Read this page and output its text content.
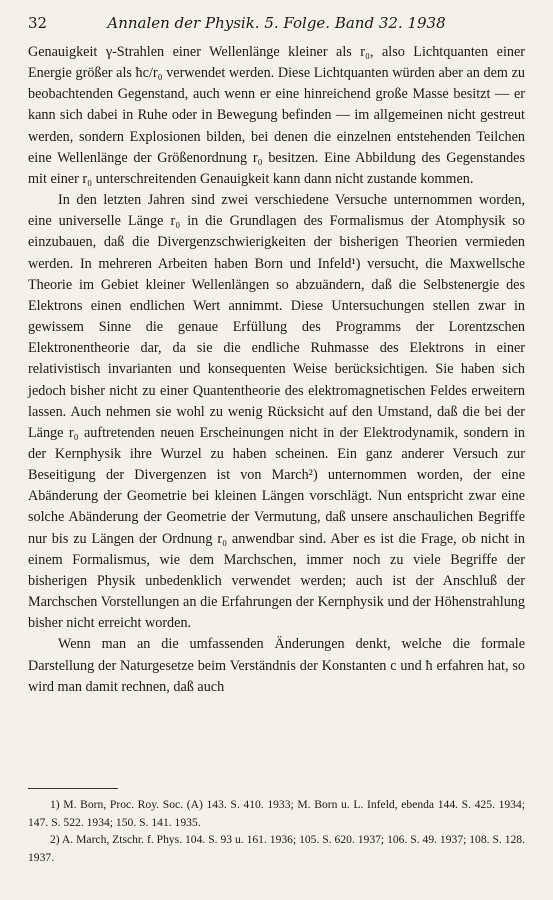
32	Annalen der Physik. 5. Folge. Band 32. 1938

Genauigkeit γ-Strahlen einer Wellenlänge kleiner als r₀, also Lichtquanten einer Energie größer als ħc/r₀ verwendet werden. Diese Lichtquanten würden aber an dem zu beobachtenden Gegenstand, auch wenn er eine hinreichend große Masse besitzt — er kann sich dabei in Ruhe oder in Bewegung befinden — im allgemeinen nicht gestreut werden, sondern Explosionen bilden, bei denen die einzelnen entstehenden Teilchen eine Wellenlänge der Größenordnung r₀ besitzen. Eine Abbildung des Gegenstandes mit einer r₀ unterschreitenden Genauigkeit kann dann nicht zustande kommen.

In den letzten Jahren sind zwei verschiedene Versuche unternommen worden, eine universelle Länge r₀ in die Grundlagen des Formalismus der Atomphysik so einzubauen, daß die Divergenzschwierigkeiten der bisherigen Theorien vermieden werden. In mehreren Arbeiten haben Born und Infeld¹) versucht, die Maxwellsche Theorie im Gebiet kleiner Wellenlängen so abzuändern, daß die Selbstenergie des Elektrons einen endlichen Wert annimmt. Diese Untersuchungen stellen zwar in gewissem Sinne die genaue Erfüllung des Programms der Lorentzschen Elektronentheorie dar, da sie die endliche Ruhmasse des Elektrons in einer relativistisch invarianten und konsequenten Weise berücksichtigen. Sie haben sich jedoch bisher nicht zu einer Quantentheorie des elektromagnetischen Feldes erweitern lassen. Auch nehmen sie wohl zu wenig Rücksicht auf den Umstand, daß die bei der Länge r₀ auftretenden neuen Erscheinungen nicht in der Elektrodynamik, sondern in der Kernphysik ihre Wurzel zu haben scheinen. Ein ganz anderer Versuch zur Beseitigung der Divergenzen ist von March²) unternommen worden, der eine Abänderung der Geometrie bei kleinen Längen vorschlägt. Nun entspricht zwar eine solche Abänderung der Geometrie der Vermutung, daß unsere anschaulichen Begriffe nur bis zu Längen der Ordnung r₀ anwendbar sind. Aber es ist die Frage, ob nicht in einem Formalismus, wie dem Marchschen, immer noch zu viele Begriffe der bisherigen Physik unbedenklich verwendet werden; auch ist der Anschluß der Marchschen Vorstellungen an die Erfahrungen der Kernphysik und der Höhenstrahlung bisher nicht erreicht worden.

Wenn man an die umfassenden Änderungen denkt, welche die formale Darstellung der Naturgesetze beim Verständnis der Konstanten c und ħ erfahren hat, so wird man damit rechnen, daß auch

1) M. Born, Proc. Roy. Soc. (A) 143. S. 410. 1933; M. Born u. L. Infeld, ebenda 144. S. 425. 1934; 147. S. 522. 1934; 150. S. 141. 1935.

2) A. March, Ztschr. f. Phys. 104. S. 93 u. 161. 1936; 105. S. 620. 1937; 106. S. 49. 1937; 108. S. 128. 1937.
